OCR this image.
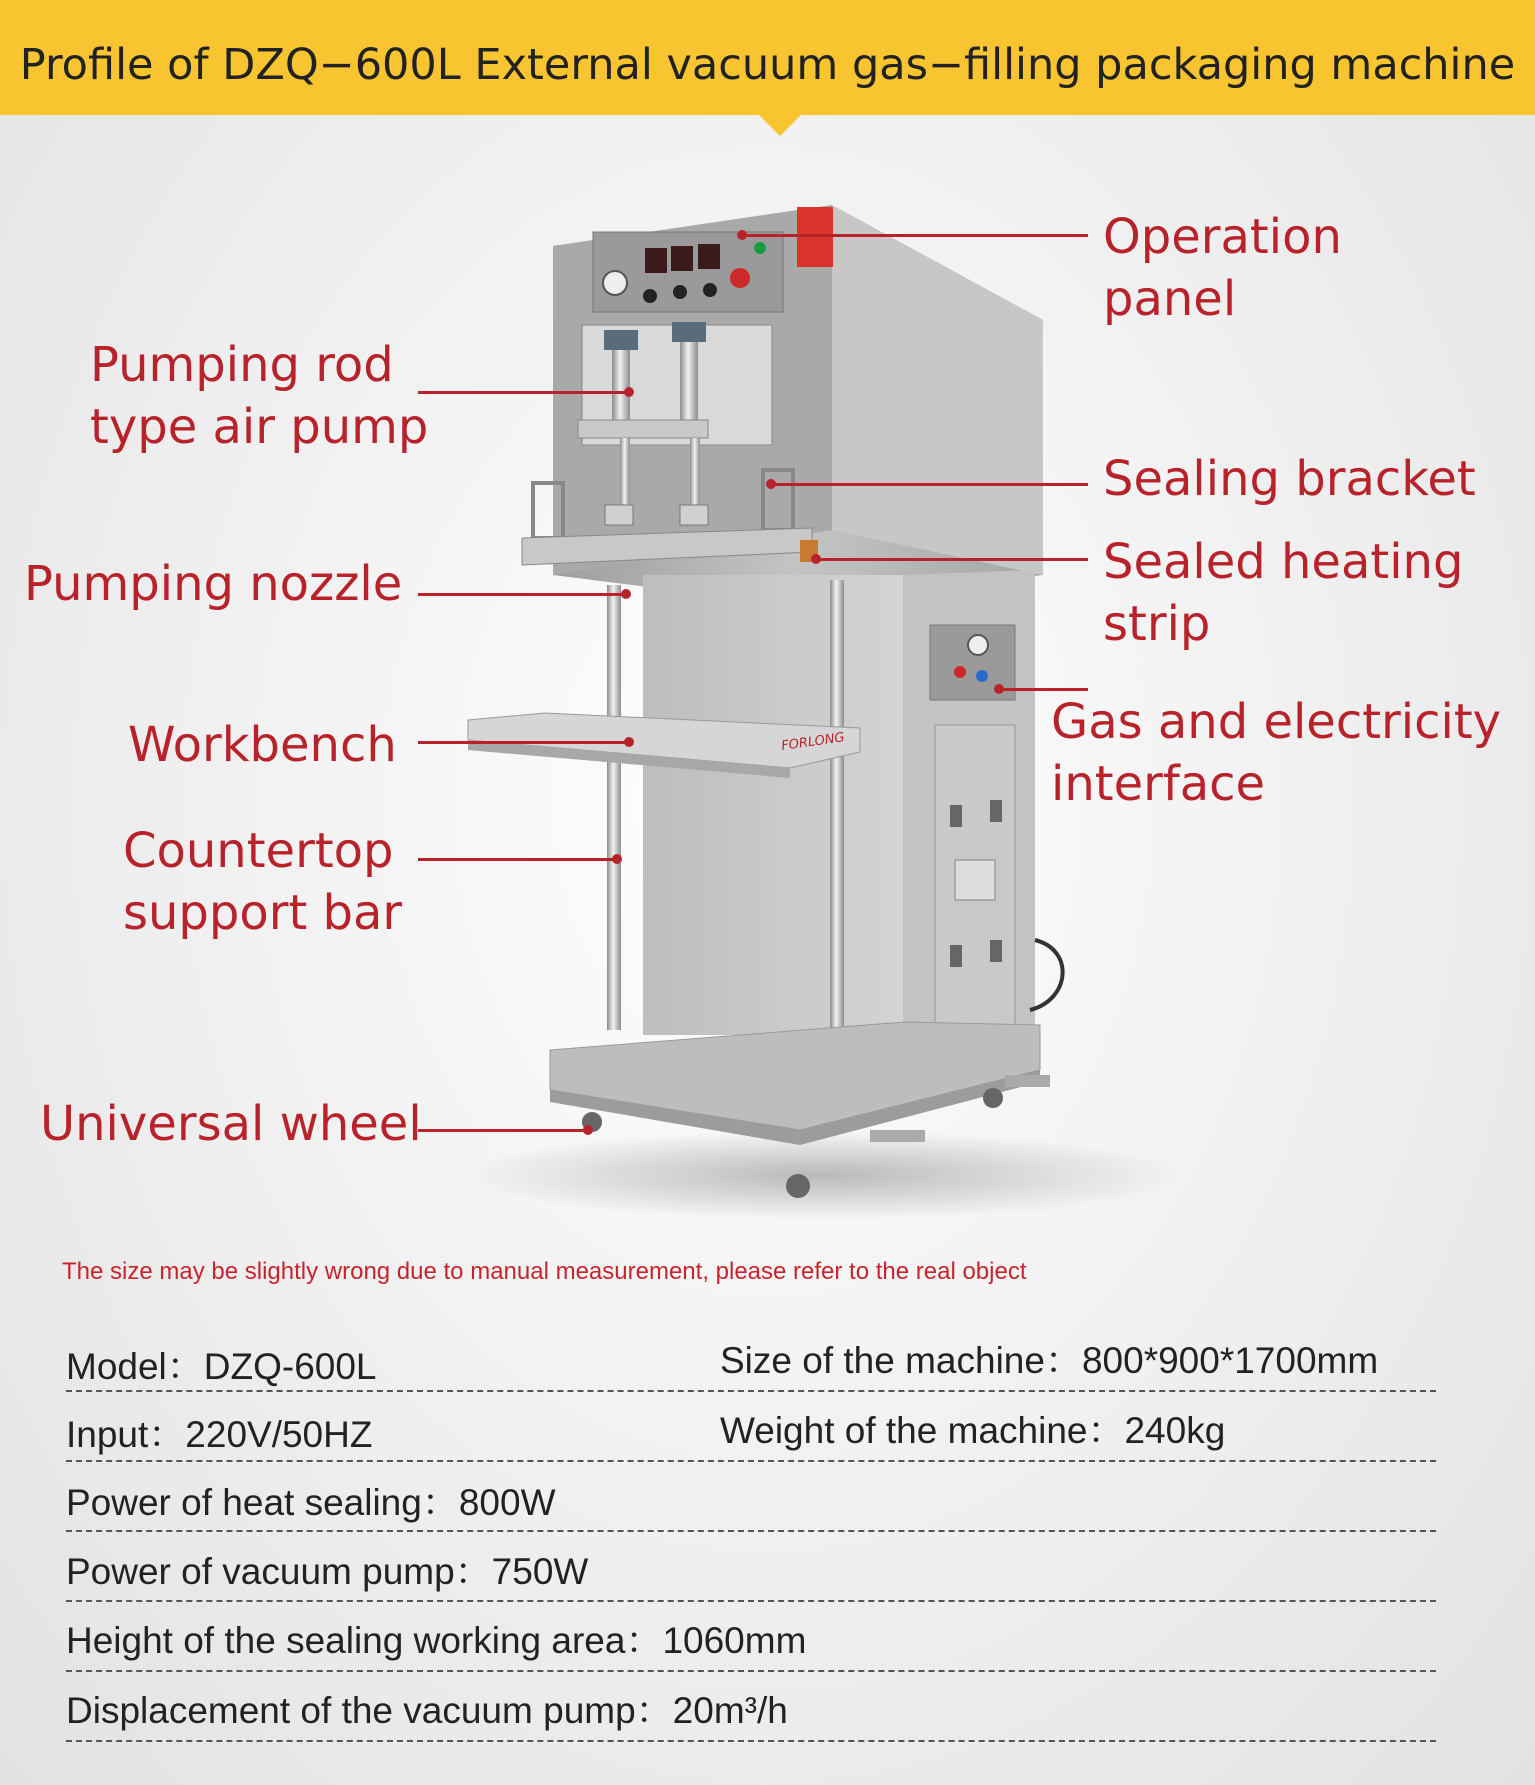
Profile of DZQ−600L External vacuum gas−filling packaging machine
FORLONG
Operation
panel
Pumping rod
type air pump
Sealing bracket
Sealed heating
strip
Pumping nozzle
Gas and electricity
interface
Workbench
Countertop
support bar
Universal wheel
The size may be slightly wrong due to manual measurement, please refer to the real object
Model：DZQ-600L	Size of the machine：800*900*1700mm
Input：220V/50HZ	Weight of the machine：240kg
Power of heat sealing：800W
Power of vacuum pump：750W
Height of the sealing working area：1060mm
Displacement of the vacuum pump：20m³/h
